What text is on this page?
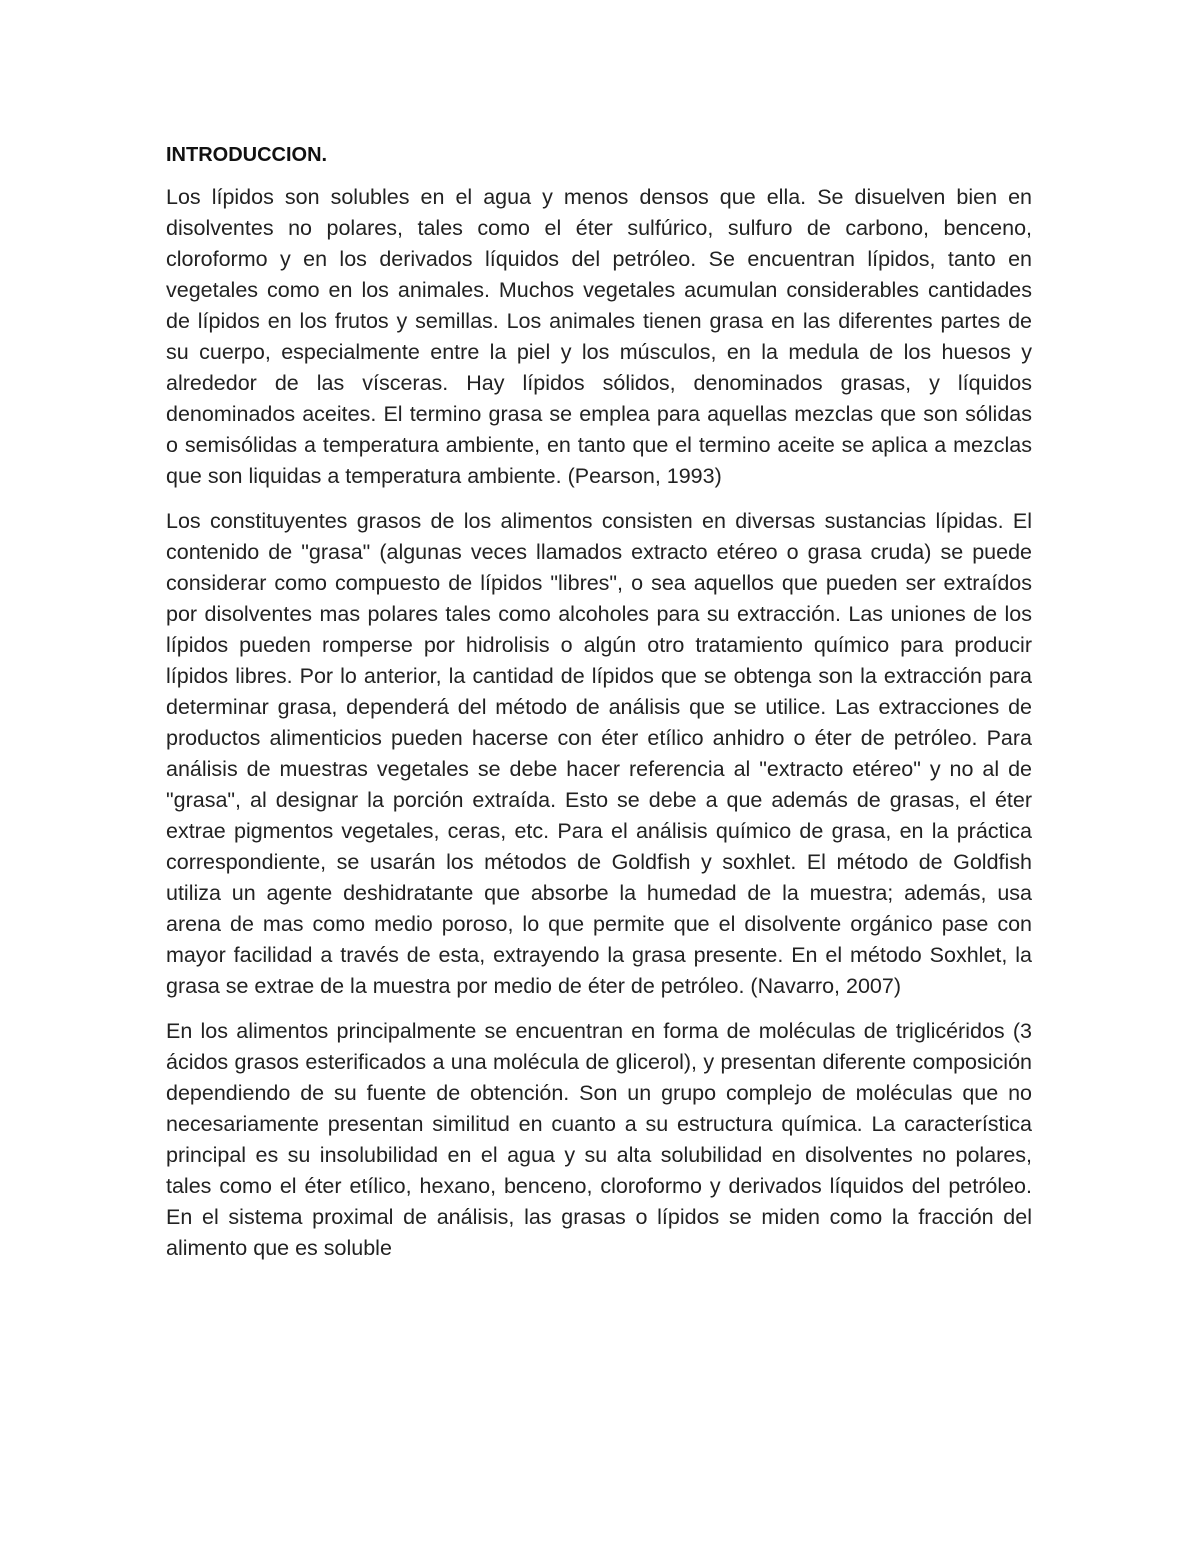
INTRODUCCION.

Los lípidos son solubles en el agua y menos densos que ella. Se disuelven bien en disolventes no polares, tales como el éter sulfúrico, sulfuro de carbono, benceno, cloroformo y en los derivados líquidos del petróleo. Se encuentran lípidos, tanto en vegetales como en los animales. Muchos vegetales acumulan considerables cantidades de lípidos en los frutos y semillas. Los animales tienen grasa en las diferentes partes de su cuerpo, especialmente entre la piel y los músculos, en la medula de los huesos y alrededor de las vísceras. Hay lípidos sólidos, denominados grasas, y líquidos denominados aceites. El termino grasa se emplea para aquellas mezclas que son sólidas o semisólidas a temperatura ambiente, en tanto que el termino aceite se aplica a mezclas que son liquidas a temperatura ambiente. (Pearson, 1993)

Los constituyentes grasos de los alimentos consisten en diversas sustancias lípidas. El contenido de "grasa" (algunas veces llamados extracto etéreo o grasa cruda) se puede considerar como compuesto de lípidos "libres", o sea aquellos que pueden ser extraídos por disolventes mas polares tales como alcoholes para su extracción. Las uniones de los lípidos pueden romperse por hidrolisis o algún otro tratamiento químico para producir lípidos libres. Por lo anterior, la cantidad de lípidos que se obtenga son la extracción para determinar grasa, dependerá del método de análisis que se utilice. Las extracciones de productos alimenticios pueden hacerse con éter etílico anhidro o éter de petróleo. Para análisis de muestras vegetales se debe hacer referencia al "extracto etéreo" y no al de "grasa", al designar la porción extraída. Esto se debe a que además de grasas, el éter extrae pigmentos vegetales, ceras, etc. Para el análisis químico de grasa, en la práctica correspondiente, se usarán los métodos de Goldfish y soxhlet. El método de Goldfish utiliza un agente deshidratante que absorbe la humedad de la muestra; además, usa arena de mas como medio poroso, lo que permite que el disolvente orgánico pase con mayor facilidad a través de esta, extrayendo la grasa presente. En el método Soxhlet, la grasa se extrae de la muestra por medio de éter de petróleo. (Navarro, 2007)

En los alimentos principalmente se encuentran en forma de moléculas de triglicéridos (3 ácidos grasos esterificados a una molécula de glicerol), y presentan diferente composición dependiendo de su fuente de obtención. Son un grupo complejo de moléculas que no necesariamente presentan similitud en cuanto a su estructura química. La característica principal es su insolubilidad en el agua y su alta solubilidad en disolventes no polares, tales como el éter etílico, hexano, benceno, cloroformo y derivados líquidos del petróleo. En el sistema proximal de análisis, las grasas o lípidos se miden como la fracción del alimento que es soluble
